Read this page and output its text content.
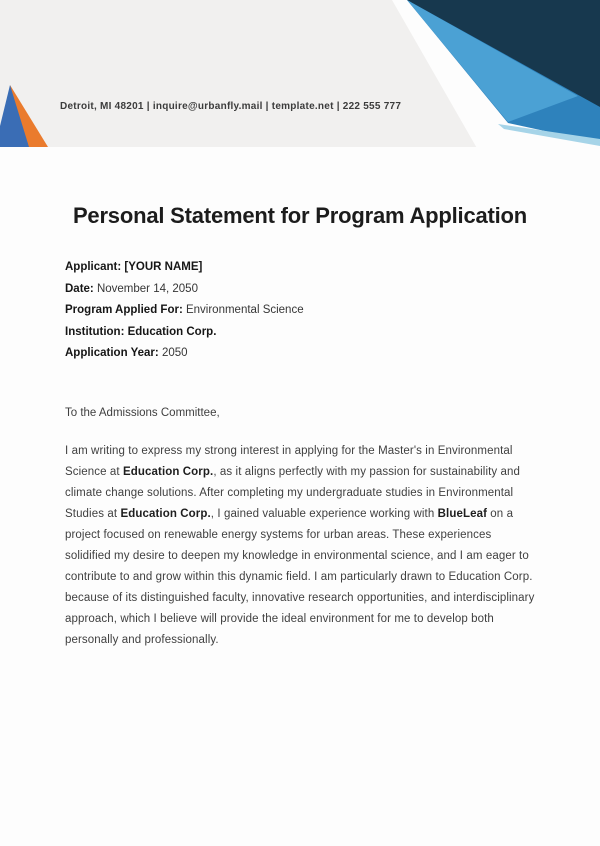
Detroit, MI 48201 | inquire@urbanfly.mail | template.net | 222 555 777
Personal Statement for Program Application
Applicant: [YOUR NAME]
Date: November 14, 2050
Program Applied For: Environmental Science
Institution: Education Corp.
Application Year: 2050
To the Admissions Committee,

I am writing to express my strong interest in applying for the Master's in Environmental Science at Education Corp., as it aligns perfectly with my passion for sustainability and climate change solutions. After completing my undergraduate studies in Environmental Studies at Education Corp., I gained valuable experience working with BlueLeaf on a project focused on renewable energy systems for urban areas. These experiences solidified my desire to deepen my knowledge in environmental science, and I am eager to contribute to and grow within this dynamic field. I am particularly drawn to Education Corp. because of its distinguished faculty, innovative research opportunities, and interdisciplinary approach, which I believe will provide the ideal environment for me to develop both personally and professionally.
